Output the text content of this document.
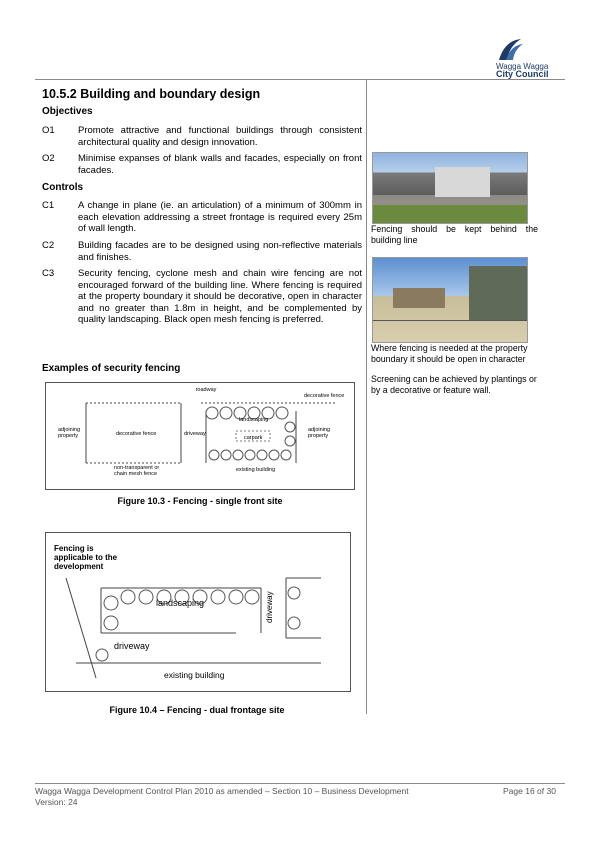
Wagga Wagga
City Council
10.5.2 Building and boundary design
Objectives
O1 Promote attractive and functional buildings through consistent architectural quality and design innovation.
O2 Minimise expanses of blank walls and facades, especially on front facades.
Controls
C1	A change in plane (ie. an articulation) of a minimum of 300mm in each elevation addressing a street frontage is required every 25m of wall length.
C2	Building facades are to be designed using non-reflective materials and finishes.
C3	Security fencing, cyclone mesh and chain wire fencing are not encouraged forward of the building line. Where fencing is required at the property boundary it should be decorative, open in character and no greater than 1.8m in height, and be complemented by quality landscaping. Black open mesh fencing is preferred.
Examples of security fencing
roadway
decorative fence
adjoining property	decorative fence	driveway
landscaping
carpark
adjoining property
non-transparent or chain mesh fence
existing building
Figure 10.3 - Fencing - single front site
Fencing is applicable to the development
landscaping	driveway
driveway
existing building
Figure 10.4 – Fencing - dual frontage site
Fencing should be kept behind the building line
Where fencing is needed at the property boundary it should be open in character
Screening can be achieved by plantings or by a decorative or feature wall.
Wagga Wagga Development Control Plan 2010 as amended – Section 10 – Business Development
Version: 24
Page 16 of 30
